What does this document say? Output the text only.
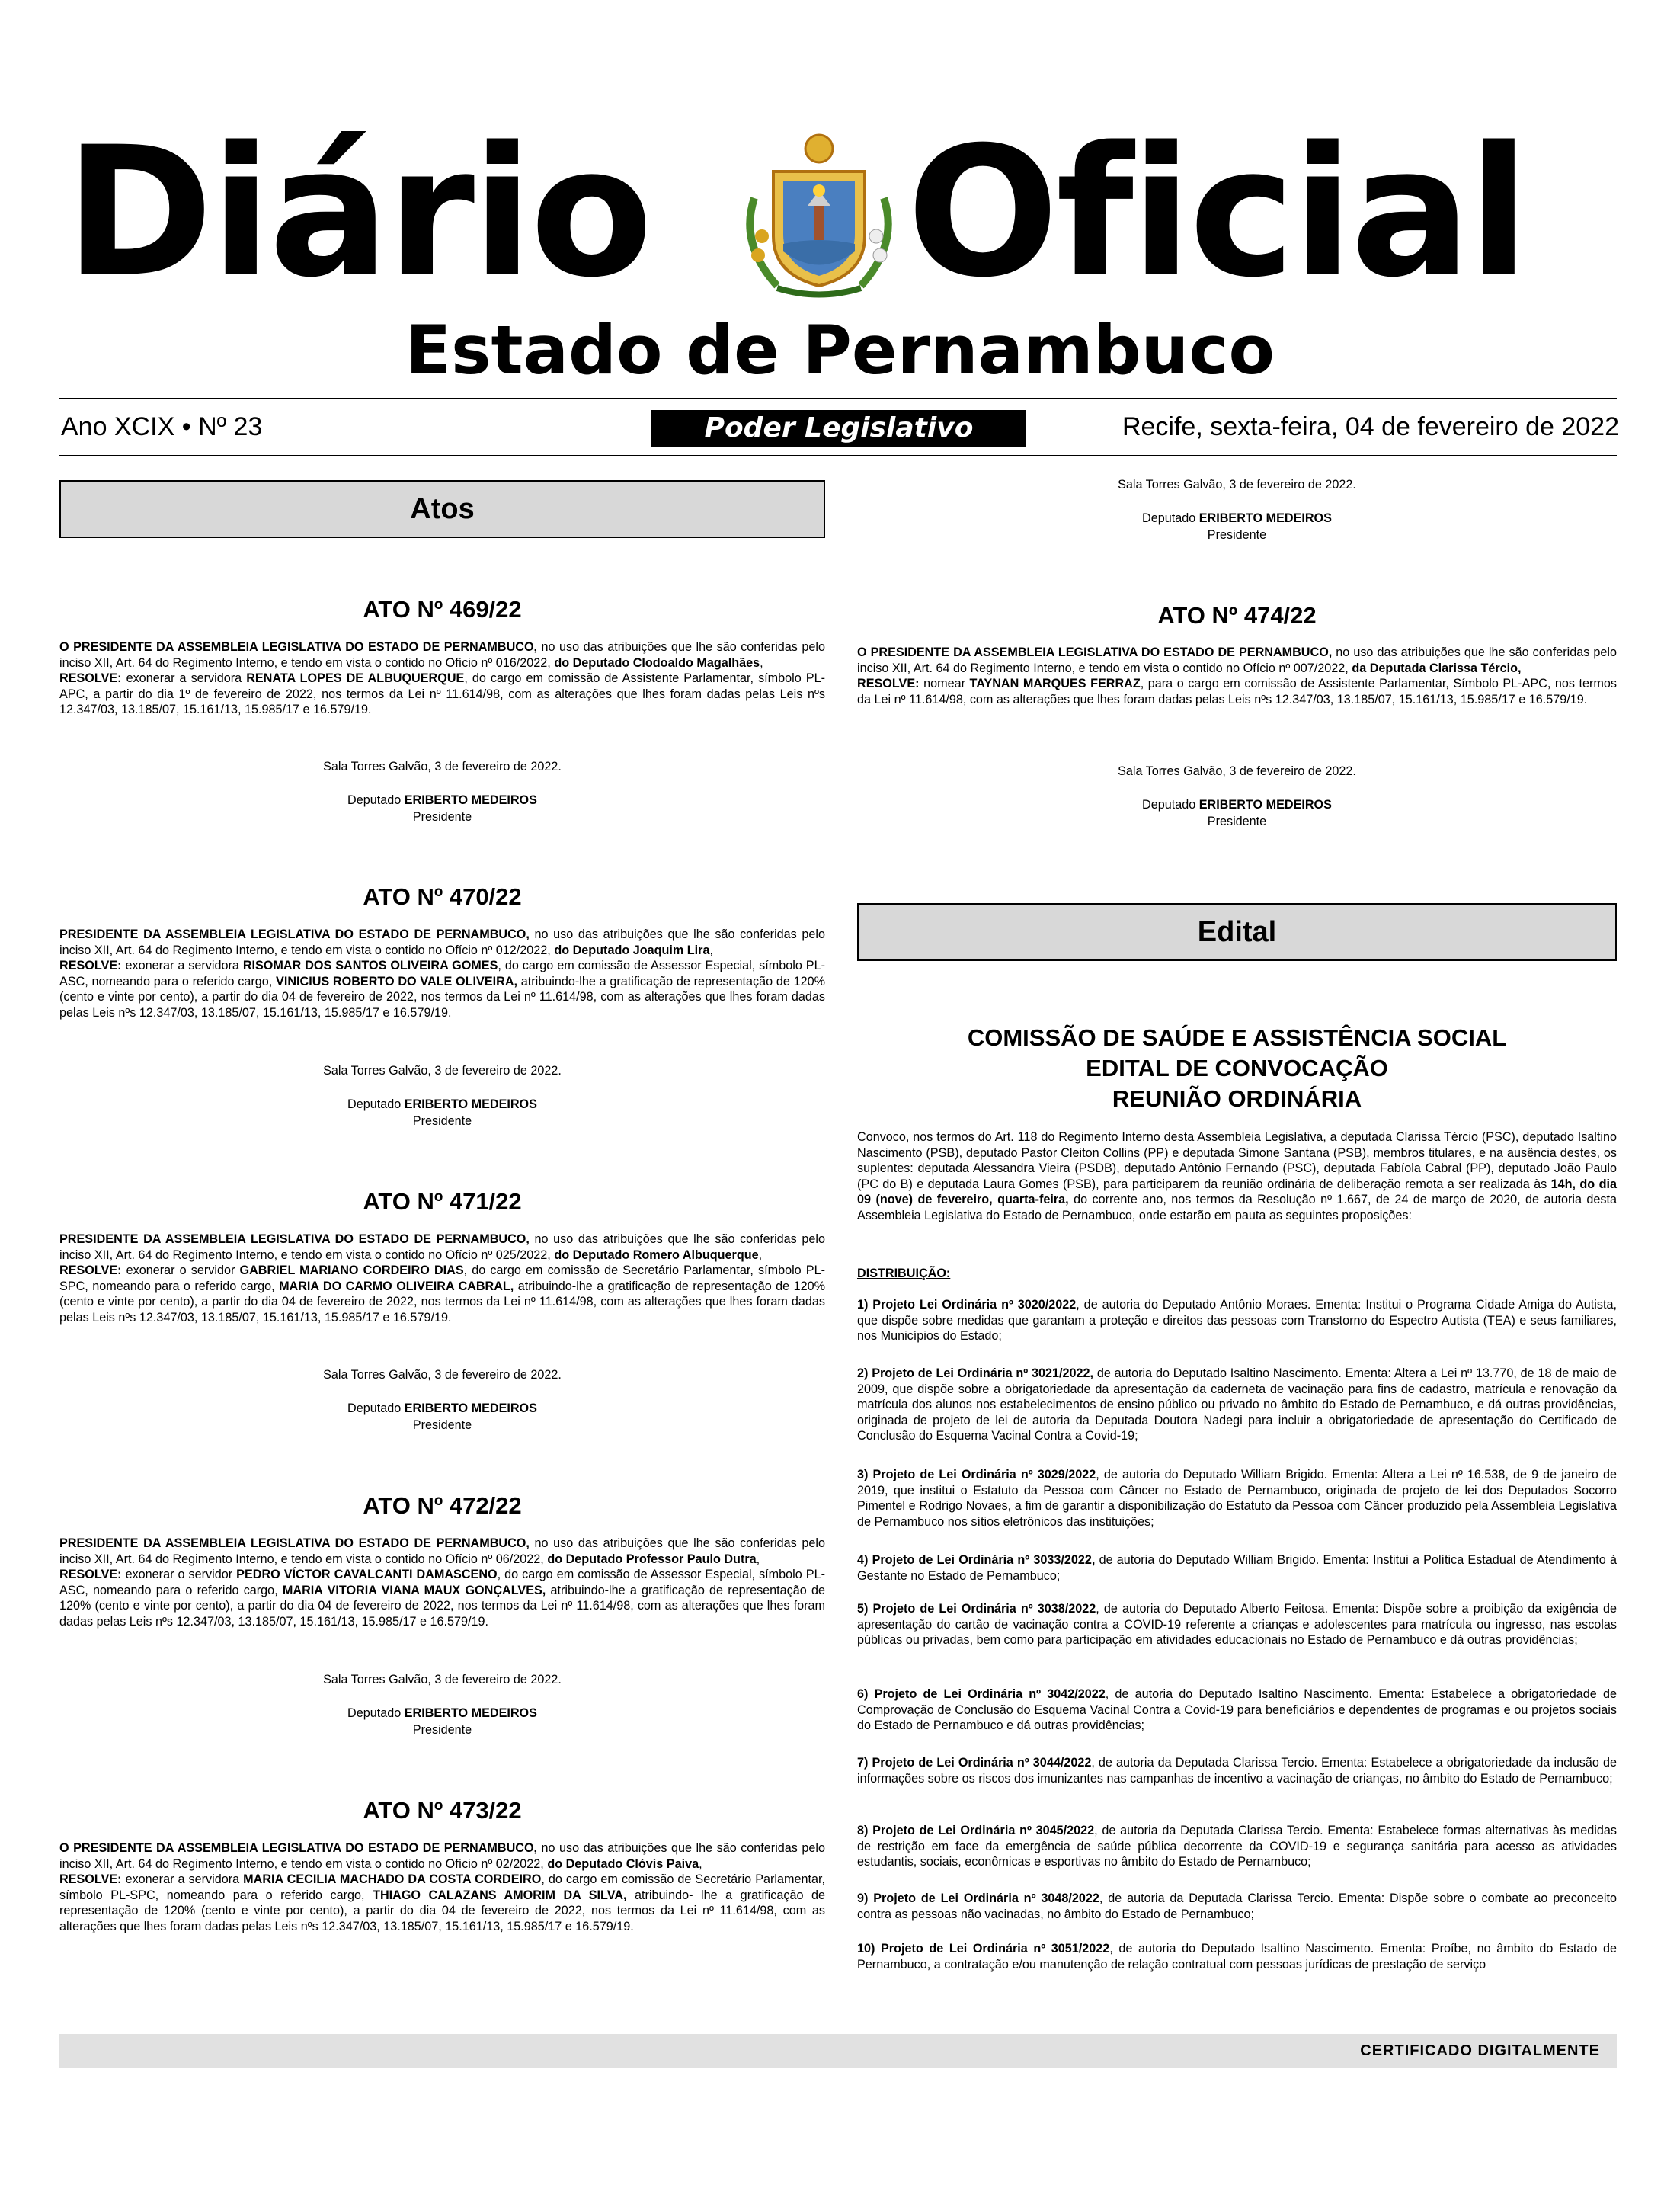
Diário Oficial
Estado de Pernambuco
Ano XCIX • Nº 23	Poder Legislativo	Recife, sexta-feira, 04 de fevereiro de 2022
Atos
ATO Nº 469/22
O PRESIDENTE DA ASSEMBLEIA LEGISLATIVA DO ESTADO DE PERNAMBUCO, no uso das atribuições que lhe são conferidas pelo inciso XII, Art. 64 do Regimento Interno, e tendo em vista o contido no Ofício nº 016/2022, do Deputado Clodoaldo Magalhães,
RESOLVE: exonerar a servidora RENATA LOPES DE ALBUQUERQUE, do cargo em comissão de Assistente Parlamentar, símbolo PL-APC, a partir do dia 1º de fevereiro de 2022, nos termos da Lei nº 11.614/98, com as alterações que lhes foram dadas pelas Leis nºs 12.347/03, 13.185/07, 15.161/13, 15.985/17 e 16.579/19.
Sala Torres Galvão, 3 de fevereiro de 2022.
Deputado ERIBERTO MEDEIROS
Presidente
ATO Nº 470/22
PRESIDENTE DA ASSEMBLEIA LEGISLATIVA DO ESTADO DE PERNAMBUCO, no uso das atribuições que lhe são conferidas pelo inciso XII, Art. 64 do Regimento Interno, e tendo em vista o contido no Ofício nº 012/2022, do Deputado Joaquim Lira,
RESOLVE: exonerar a servidora RISOMAR DOS SANTOS OLIVEIRA GOMES, do cargo em comissão de Assessor Especial, símbolo PL-ASC, nomeando para o referido cargo, VINICIUS ROBERTO DO VALE OLIVEIRA, atribuindo-lhe a gratificação de representação de 120% (cento e vinte por cento), a partir do dia 04 de fevereiro de 2022, nos termos da Lei nº 11.614/98, com as alterações que lhes foram dadas pelas Leis nºs 12.347/03, 13.185/07, 15.161/13, 15.985/17 e 16.579/19.
Sala Torres Galvão, 3 de fevereiro de 2022.
Deputado ERIBERTO MEDEIROS
Presidente
ATO Nº 471/22
PRESIDENTE DA ASSEMBLEIA LEGISLATIVA DO ESTADO DE PERNAMBUCO, no uso das atribuições que lhe são conferidas pelo inciso XII, Art. 64 do Regimento Interno, e tendo em vista o contido no Ofício nº 025/2022, do Deputado Romero Albuquerque,
RESOLVE: exonerar o servidor GABRIEL MARIANO CORDEIRO DIAS, do cargo em comissão de Secretário Parlamentar, símbolo PL-SPC, nomeando para o referido cargo, MARIA DO CARMO OLIVEIRA CABRAL, atribuindo-lhe a gratificação de representação de 120% (cento e vinte por cento), a partir do dia 04 de fevereiro de 2022, nos termos da Lei nº 11.614/98, com as alterações que lhes foram dadas pelas Leis nºs 12.347/03, 13.185/07, 15.161/13, 15.985/17 e 16.579/19.
Sala Torres Galvão, 3 de fevereiro de 2022.
Deputado ERIBERTO MEDEIROS
Presidente
ATO Nº 472/22
PRESIDENTE DA ASSEMBLEIA LEGISLATIVA DO ESTADO DE PERNAMBUCO, no uso das atribuições que lhe são conferidas pelo inciso XII, Art. 64 do Regimento Interno, e tendo em vista o contido no Ofício nº 06/2022, do Deputado Professor Paulo Dutra,
RESOLVE: exonerar o servidor PEDRO VÍCTOR CAVALCANTI DAMASCENO, do cargo em comissão de Assessor Especial, símbolo PL-ASC, nomeando para o referido cargo, MARIA VITORIA VIANA MAUX GONÇALVES, atribuindo-lhe a gratificação de representação de 120% (cento e vinte por cento), a partir do dia 04 de fevereiro de 2022, nos termos da Lei nº 11.614/98, com as alterações que lhes foram dadas pelas Leis nºs 12.347/03, 13.185/07, 15.161/13, 15.985/17 e 16.579/19.
Sala Torres Galvão, 3 de fevereiro de 2022.
Deputado ERIBERTO MEDEIROS
Presidente
ATO Nº 473/22
O PRESIDENTE DA ASSEMBLEIA LEGISLATIVA DO ESTADO DE PERNAMBUCO, no uso das atribuições que lhe são conferidas pelo inciso XII, Art. 64 do Regimento Interno, e tendo em vista o contido no Ofício nº 02/2022, do Deputado Clóvis Paiva,
RESOLVE: exonerar a servidora MARIA CECILIA MACHADO DA COSTA CORDEIRO, do cargo em comissão de Secretário Parlamentar, símbolo PL-SPC, nomeando para o referido cargo, THIAGO CALAZANS AMORIM DA SILVA, atribuindo- lhe a gratificação de representação de 120% (cento e vinte por cento), a partir do dia 04 de fevereiro de 2022, nos termos da Lei nº 11.614/98, com as alterações que lhes foram dadas pelas Leis nºs 12.347/03, 13.185/07, 15.161/13, 15.985/17 e 16.579/19.
Sala Torres Galvão, 3 de fevereiro de 2022.
Deputado ERIBERTO MEDEIROS
Presidente
ATO Nº 474/22
O PRESIDENTE DA ASSEMBLEIA LEGISLATIVA DO ESTADO DE PERNAMBUCO, no uso das atribuições que lhe são conferidas pelo inciso XII, Art. 64 do Regimento Interno, e tendo em vista o contido no Ofício nº 007/2022, da Deputada Clarissa Tércio,
RESOLVE: nomear TAYNAN MARQUES FERRAZ, para o cargo em comissão de Assistente Parlamentar, Símbolo PL-APC, nos termos da Lei nº 11.614/98, com as alterações que lhes foram dadas pelas Leis nºs 12.347/03, 13.185/07, 15.161/13, 15.985/17 e 16.579/19.
Sala Torres Galvão, 3 de fevereiro de 2022.
Deputado ERIBERTO MEDEIROS
Presidente
Edital
COMISSÃO DE SAÚDE E ASSISTÊNCIA SOCIAL
EDITAL DE CONVOCAÇÃO
REUNIÃO ORDINÁRIA
Convoco, nos termos do Art. 118 do Regimento Interno desta Assembleia Legislativa, a deputada Clarissa Tércio (PSC), deputado Isaltino Nascimento (PSB), deputado Pastor Cleiton Collins (PP) e deputada Simone Santana (PSB), membros titulares, e na ausência destes, os suplentes: deputada Alessandra Vieira (PSDB), deputado Antônio Fernando (PSC), deputada Fabíola Cabral (PP), deputado João Paulo (PC do B) e deputada Laura Gomes (PSB), para participarem da reunião ordinária de deliberação remota a ser realizada às 14h, do dia 09 (nove) de fevereiro, quarta-feira, do corrente ano, nos termos da Resolução nº 1.667, de 24 de março de 2020, de autoria desta Assembleia Legislativa do Estado de Pernambuco, onde estarão em pauta as seguintes proposições:
DISTRIBUIÇÃO:
1) Projeto Lei Ordinária nº 3020/2022, de autoria do Deputado Antônio Moraes. Ementa: Institui o Programa Cidade Amiga do Autista, que dispõe sobre medidas que garantam a proteção e direitos das pessoas com Transtorno do Espectro Autista (TEA) e seus familiares, nos Municípios do Estado;
2) Projeto de Lei Ordinária nº 3021/2022, de autoria do Deputado Isaltino Nascimento. Ementa: Altera a Lei nº 13.770, de 18 de maio de 2009, que dispõe sobre a obrigatoriedade da apresentação da caderneta de vacinação para fins de cadastro, matrícula e renovação da matrícula dos alunos nos estabelecimentos de ensino público ou privado no âmbito do Estado de Pernambuco, e dá outras providências, originada de projeto de lei de autoria da Deputada Doutora Nadegi para incluir a obrigatoriedade de apresentação do Certificado de Conclusão do Esquema Vacinal Contra a Covid-19;
3) Projeto de Lei Ordinária nº 3029/2022, de autoria do Deputado William Brigido. Ementa: Altera a Lei nº 16.538, de 9 de janeiro de 2019, que institui o Estatuto da Pessoa com Câncer no Estado de Pernambuco, originada de projeto de lei dos Deputados Socorro Pimentel e Rodrigo Novaes, a fim de garantir a disponibilização do Estatuto da Pessoa com Câncer produzido pela Assembleia Legislativa de Pernambuco nos sítios eletrônicos das instituições;
4) Projeto de Lei Ordinária nº 3033/2022, de autoria do Deputado William Brigido. Ementa: Institui a Política Estadual de Atendimento à Gestante no Estado de Pernambuco;
5) Projeto de Lei Ordinária nº 3038/2022, de autoria do Deputado Alberto Feitosa. Ementa: Dispõe sobre a proibição da exigência de apresentação do cartão de vacinação contra a COVID-19 referente a crianças e adolescentes para matrícula ou ingresso, nas escolas públicas ou privadas, bem como para participação em atividades educacionais no Estado de Pernambuco e dá outras providências;
6) Projeto de Lei Ordinária nº 3042/2022, de autoria do Deputado Isaltino Nascimento. Ementa: Estabelece a obrigatoriedade de Comprovação de Conclusão do Esquema Vacinal Contra a Covid-19 para beneficiários e dependentes de programas e ou projetos sociais do Estado de Pernambuco e dá outras providências;
7) Projeto de Lei Ordinária nº 3044/2022, de autoria da Deputada Clarissa Tercio. Ementa: Estabelece a obrigatoriedade da inclusão de informações sobre os riscos dos imunizantes nas campanhas de incentivo a vacinação de crianças, no âmbito do Estado de Pernambuco;
8) Projeto de Lei Ordinária nº 3045/2022, de autoria da Deputada Clarissa Tercio. Ementa: Estabelece formas alternativas às medidas de restrição em face da emergência de saúde pública decorrente da COVID-19 e segurança sanitária para acesso as atividades estudantis, sociais, econômicas e esportivas no âmbito do Estado de Pernambuco;
9) Projeto de Lei Ordinária nº 3048/2022, de autoria da Deputada Clarissa Tercio. Ementa: Dispõe sobre o combate ao preconceito contra as pessoas não vacinadas, no âmbito do Estado de Pernambuco;
10) Projeto de Lei Ordinária nº 3051/2022, de autoria do Deputado Isaltino Nascimento. Ementa: Proíbe, no âmbito do Estado de Pernambuco, a contratação e/ou manutenção de relação contratual com pessoas jurídicas de prestação de serviço
CERTIFICADO DIGITALMENTE
